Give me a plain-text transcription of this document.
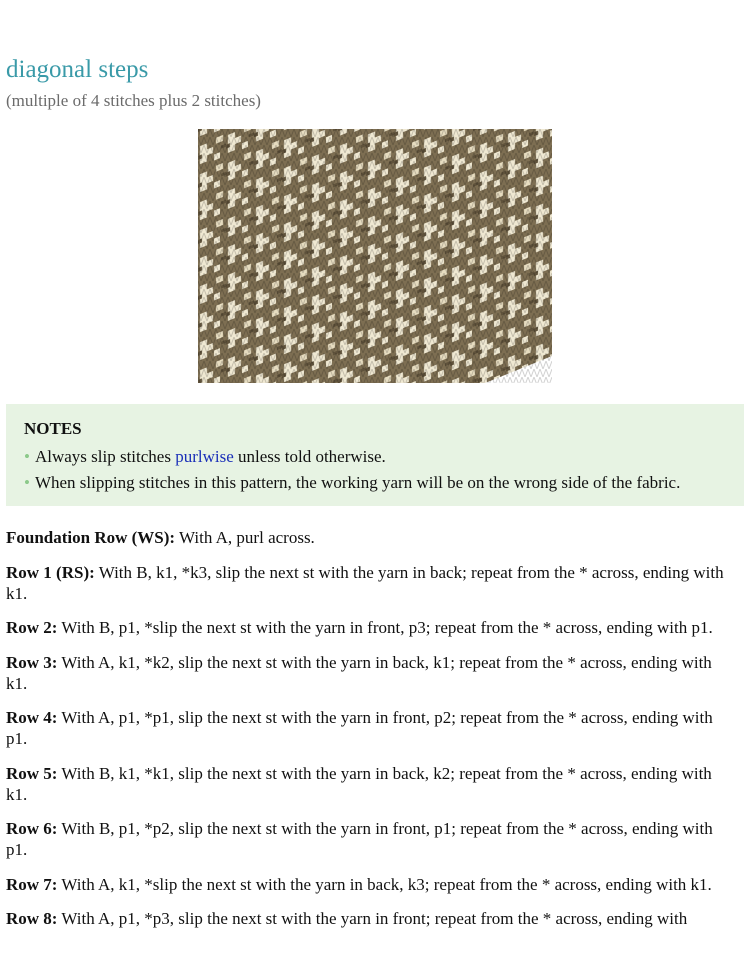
diagonal steps

(multiple of 4 stitches plus 2 stitches)

NOTES
• Always slip stitches purlwise unless told otherwise.
• When slipping stitches in this pattern, the working yarn will be on the wrong side of the fabric.

Foundation Row (WS): With A, purl across.

Row 1 (RS): With B, k1, *k3, slip the next st with the yarn in back; repeat from the * across, ending with k1.

Row 2: With B, p1, *slip the next st with the yarn in front, p3; repeat from the * across, ending with p1.

Row 3: With A, k1, *k2, slip the next st with the yarn in back, k1; repeat from the * across, ending with k1.

Row 4: With A, p1, *p1, slip the next st with the yarn in front, p2; repeat from the * across, ending with p1.

Row 5: With B, k1, *k1, slip the next st with the yarn in back, k2; repeat from the * across, ending with k1.

Row 6: With B, p1, *p2, slip the next st with the yarn in front, p1; repeat from the * across, ending with p1.

Row 7: With A, k1, *slip the next st with the yarn in back, k3; repeat from the * across, ending with k1.

Row 8: With A, p1, *p3, slip the next st with the yarn in front; repeat from the * across, ending with
